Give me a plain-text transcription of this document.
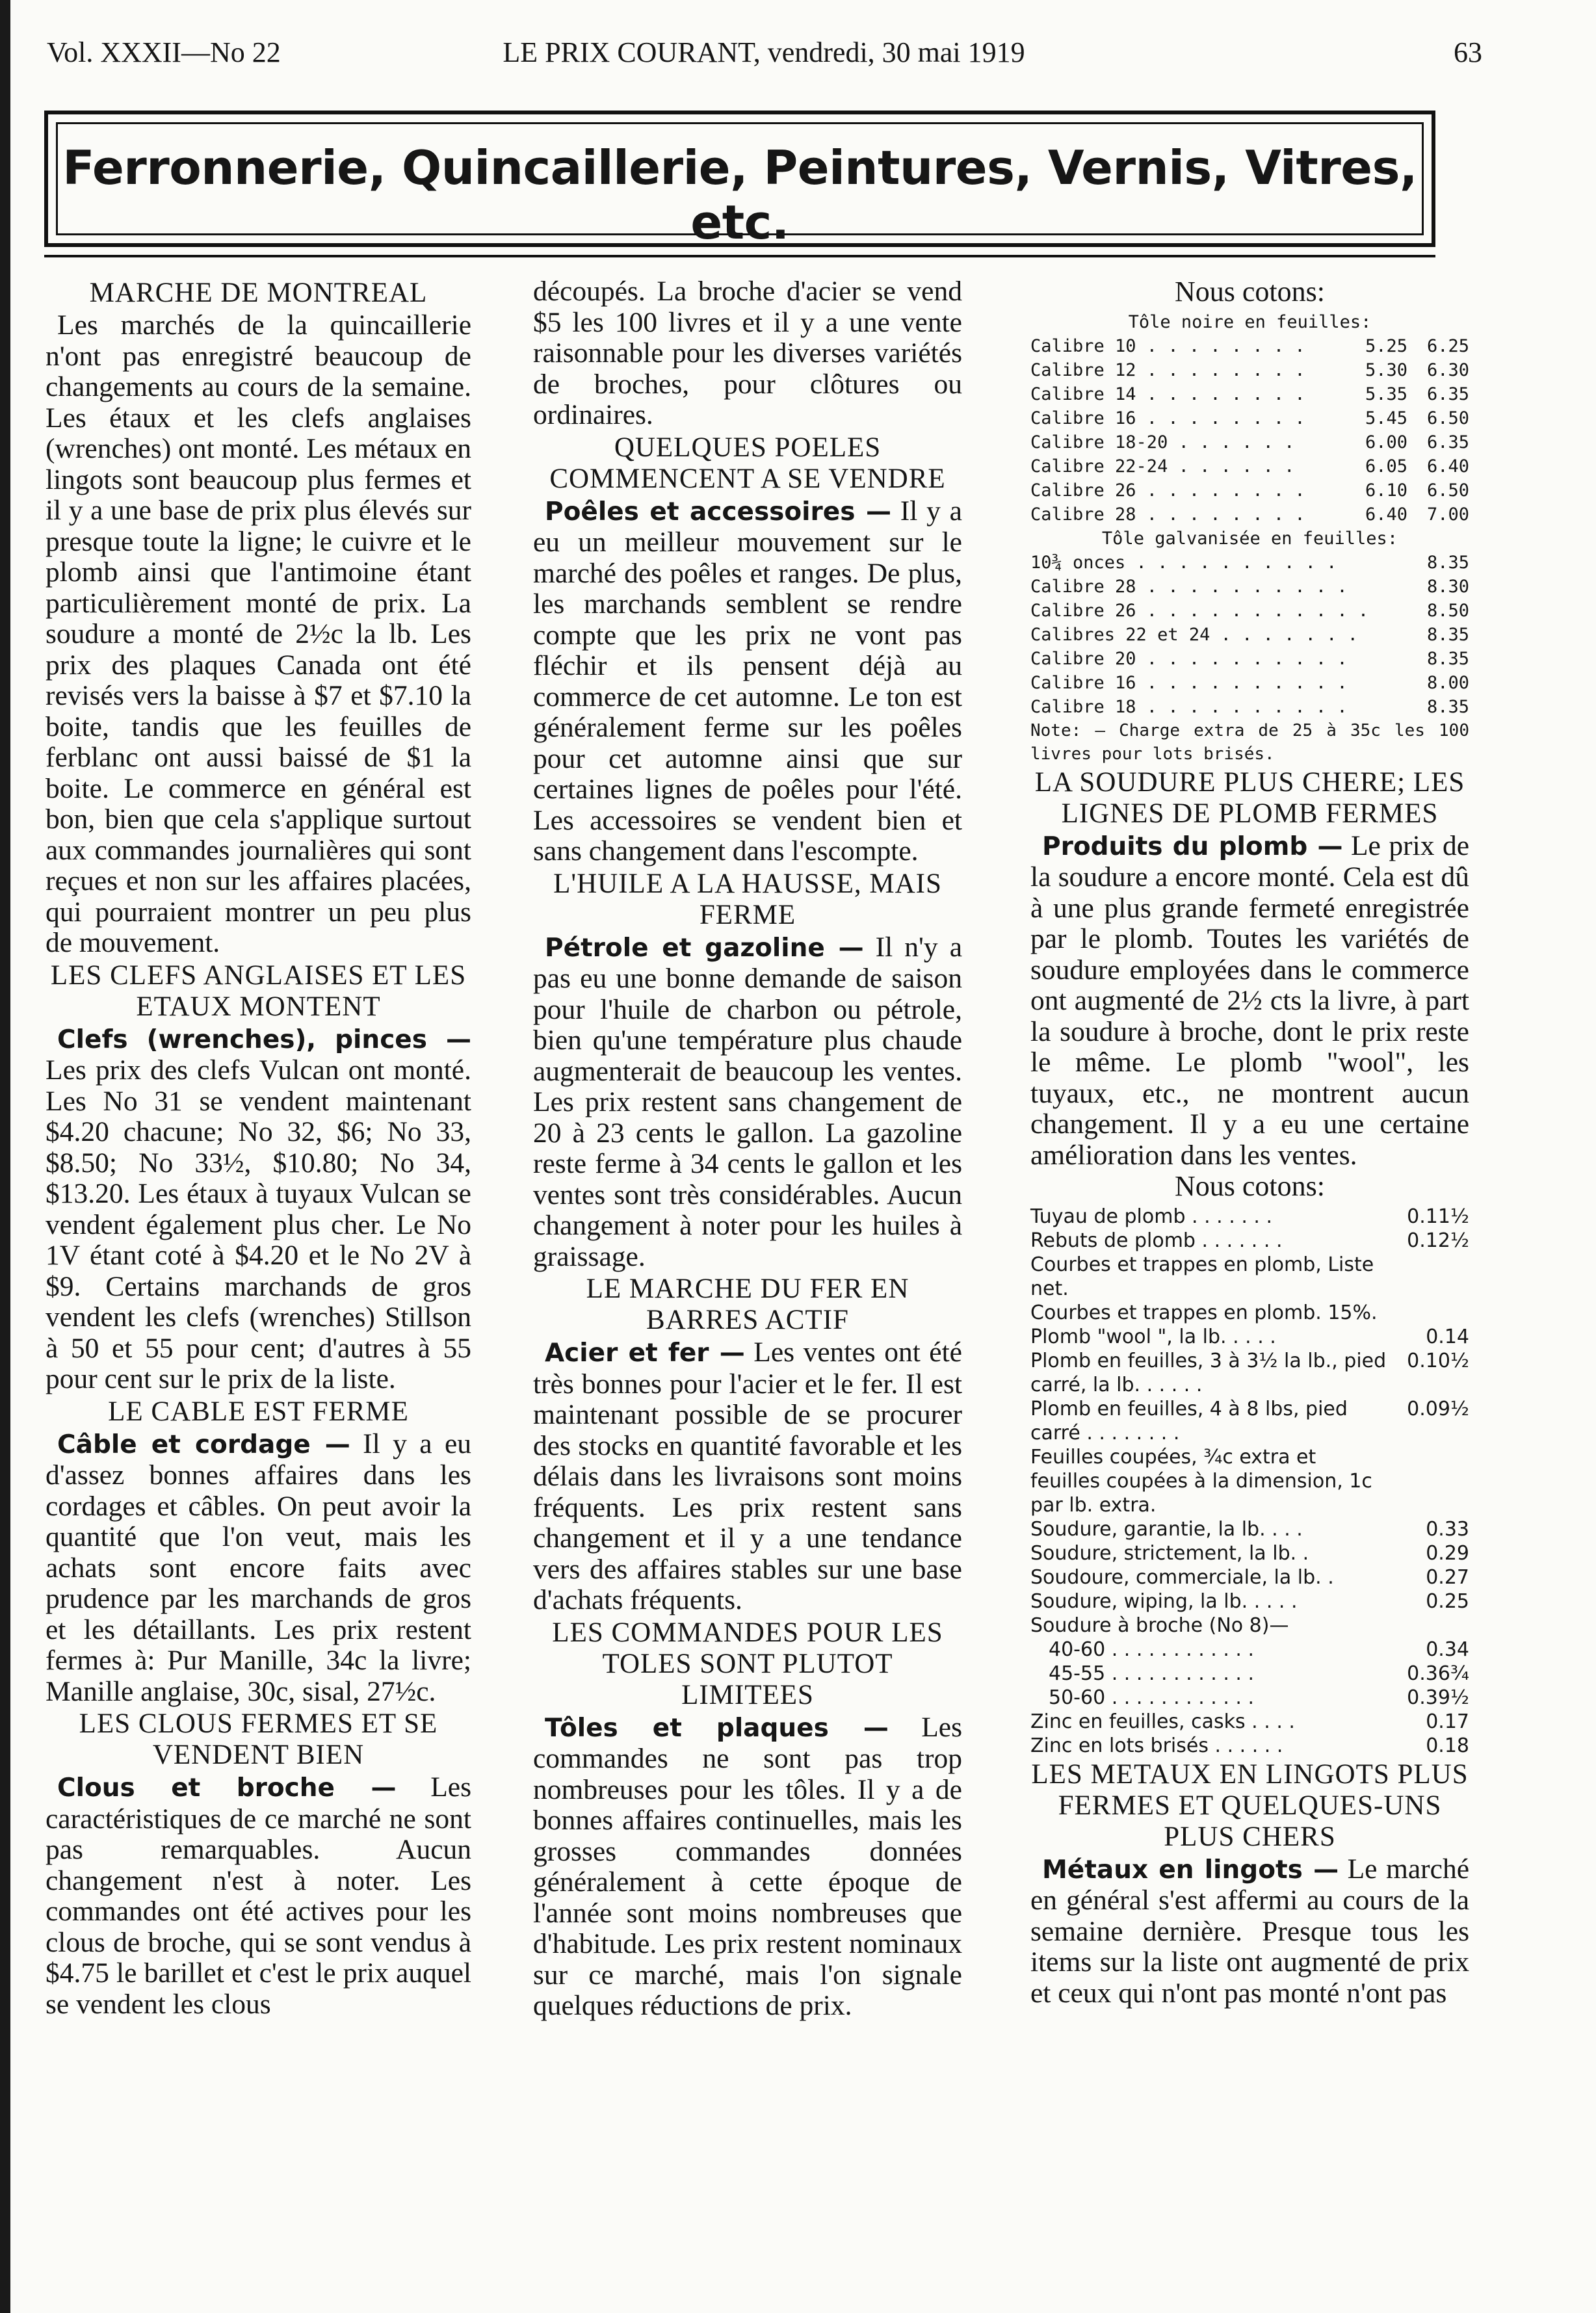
Vol. XXXII—No 22	LE PRIX COURANT, vendredi, 30 mai 1919	63
Ferronnerie, Quincaillerie, Peintures, Vernis, Vitres, etc.
MARCHE DE MONTREAL

Les marchés de la quincaillerie n'ont pas enregistré beaucoup de changements au cours de la semaine. Les étaux et les clefs anglaises (wrenches) ont monté. Les métaux en lingots sont beaucoup plus fermes et il y a une base de prix plus élevés sur presque toute la ligne; le cuivre et le plomb ainsi que l'antimoine étant particulièrement monté de prix. La soudure a monté de 2½c la lb. Les prix des plaques Canada ont été revisés vers la baisse à $7 et $7.10 la boite, tandis que les feuilles de ferblanc ont aussi baissé de $1 la boite. Le commerce en général est bon, bien que cela s'applique surtout aux commandes journalières qui sont reçues et non sur les affaires placées, qui pourraient montrer un peu plus de mouvement.

LES CLEFS ANGLAISES ET LES ETAUX MONTENT

Clefs (wrenches), pinces — Les prix des clefs Vulcan ont monté. Les No 31 se vendent maintenant $4.20 chacune; No 32, $6; No 33, $8.50; No 33½, $10.80; No 34, $13.20. Les étaux à tuyaux Vulcan se vendent également plus cher. Le No 1V étant coté à $4.20 et le No 2V à $9. Certains marchands de gros vendent les clefs (wrenches) Stillson à 50 et 55 pour cent; d'autres à 55 pour cent sur le prix de la liste.

LE CABLE EST FERME

Câble et cordage — Il y a eu d'assez bonnes affaires dans les cordages et câbles. On peut avoir la quantité que l'on veut, mais les achats sont encore faits avec prudence par les marchands de gros et les détaillants. Les prix restent fermes à: Pur Manille, 34c la livre; Manille anglaise, 30c, sisal, 27½c.

LES CLOUS FERMES ET SE VENDENT BIEN

Clous et broche — Les caractéristiques de ce marché ne sont pas remarquables. Aucun changement n'est à noter. Les commandes ont été actives pour les clous de broche, qui se sont vendus à $4.75 le barillet et c'est le prix auquel se vendent les clous

découpés. La broche d'acier se vend $5 les 100 livres et il y a une vente raisonnable pour les diverses variétés de broches, pour clôtures ou ordinaires.

QUELQUES POELES COMMENCENT A SE VENDRE

Poêles et accessoires — Il y a eu un meilleur mouvement sur le marché des poêles et ranges. De plus, les marchands semblent se rendre compte que les prix ne vont pas fléchir et ils pensent déjà au commerce de cet automne. Le ton est généralement ferme sur les poêles pour cet automne ainsi que sur certaines lignes de poêles pour l'été. Les accessoires se vendent bien et sans changement dans l'escompte.

L'HUILE A LA HAUSSE, MAIS FERME

Pétrole et gazoline — Il n'y a pas eu une bonne demande de saison pour l'huile de charbon ou pétrole, bien qu'une température plus chaude augmenterait de beaucoup les ventes. Les prix restent sans changement de 20 à 23 cents le gallon. La gazoline reste ferme à 34 cents le gallon et les ventes sont très considérables. Aucun changement à noter pour les huiles à graissage.

LE MARCHE DU FER EN BARRES ACTIF

Acier et fer — Les ventes ont été très bonnes pour l'acier et le fer. Il est maintenant possible de se procurer des stocks en quantité favorable et les délais dans les livraisons sont moins fréquents. Les prix restent sans changement et il y a une tendance vers des affaires stables sur une base d'achats fréquents.

LES COMMANDES POUR LES TOLES SONT PLUTOT LIMITEES

Tôles et plaques — Les commandes ne sont pas trop nombreuses pour les tôles. Il y a de bonnes affaires continuelles, mais les grosses commandes données généralement à cette époque de l'année sont moins nombreuses que d'habitude. Les prix restent nominaux sur ce marché, mais l'on signale quelques réductions de prix.

Nous cotons:
Tôle noire en feuilles:
Calibre 10 . . . . . . . .	5.25	6.25
Calibre 12 . . . . . . . .	5.30	6.30
Calibre 14 . . . . . . . .	5.35	6.35
Calibre 16 . . . . . . . .	5.45	6.50
Calibre 18-20 . . . . . .	6.00	6.35
Calibre 22-24 . . . . . .	6.05	6.40
Calibre 26 . . . . . . . .	6.10	6.50
Calibre 28 . . . . . . . .	6.40	7.00
Tôle galvanisée en feuilles:
10¾ onces . . . . . . . . . .	8.35
Calibre 28 . . . . . . . . . .	8.30
Calibre 26 . . . . . . . . . . .	8.50
Calibres 22 et 24 . . . . . . .	8.35
Calibre 20 . . . . . . . . . .	8.35
Calibre 16 . . . . . . . . . .	8.00
Calibre 18 . . . . . . . . . .	8.35
Note: — Charge extra de 25 à 35c les 100 livres pour lots brisés.
LA SOUDURE PLUS CHERE; LES LIGNES DE PLOMB FERMES

Produits du plomb — Le prix de la soudure a encore monté. Cela est dû à une plus grande fermeté enregistrée par le plomb. Toutes les variétés de soudure employées dans le commerce ont augmenté de 2½ cts la livre, à part la soudure à broche, dont le prix reste le même. Le plomb "wool", les tuyaux, etc., ne montrent aucun changement. Il y a eu une certaine amélioration dans les ventes.

Nous cotons:
Tuyau de plomb . . . . . . .	0.11½
Rebuts de plomb . . . . . . .	0.12½
Courbes et trappes en plomb, Liste net.	
Courbes et trappes en plomb. 15%.	
Plomb "wool ", la lb. . . . .	0.14
Plomb en feuilles, 3 à 3½ la lb., pied carré, la lb. . . . . .	0.10½
Plomb en feuilles, 4 à 8 lbs, pied carré . . . . . . . .	0.09½
Feuilles coupées, ¾c extra et feuilles coupées à la dimension, 1c par lb. extra.	
Soudure, garantie, la lb. . . .	0.33
Soudure, strictement, la lb. .	0.29
Soudoure, commerciale, la lb. .	0.27
Soudure, wiping, la lb. . . . .	0.25
Soudure à broche (No 8)—	
40-60 . . . . . . . . . . . .	0.34
45-55 . . . . . . . . . . . .	0.36¾
50-60 . . . . . . . . . . . .	0.39½
Zinc en feuilles, casks . . . .	0.17
Zinc en lots brisés . . . . . .	0.18
LES METAUX EN LINGOTS PLUS FERMES ET QUELQUES-UNS PLUS CHERS

Métaux en lingots — Le marché en général s'est affermi au cours de la semaine dernière. Presque tous les items sur la liste ont augmenté de prix et ceux qui n'ont pas monté n'ont pas
